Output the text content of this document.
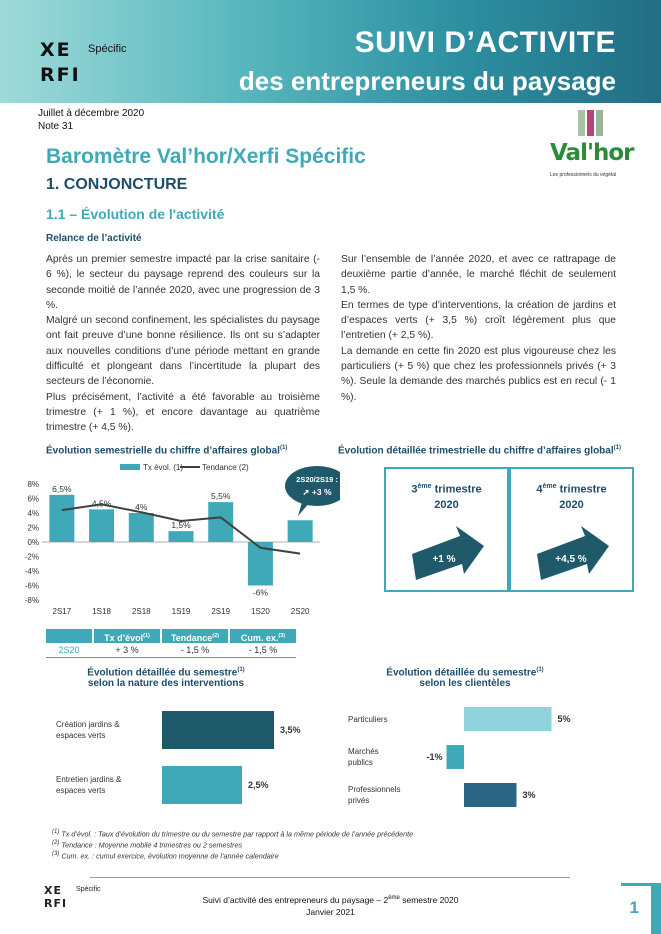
XE
RFI
Spécific	SUIVI D’ACTIVITE
des entrepreneurs du paysage
Juillet à décembre 2020
Note 31
Val'hor
Les professionnels du végétal
Baromètre Val’hor/Xerfi Spécific
1. CONJONCTURE
1.1 – Évolution de l'activité
Relance de l’activité

Après un premier semestre impacté par la crise sanitaire (- 6 %), le secteur du paysage reprend des couleurs sur la seconde moitié de l’année 2020, avec une progression de 3 %.

Malgré un second confinement, les spécialistes du paysage ont fait preuve d’une bonne résilience. Ils ont su s’adapter aux nouvelles conditions d’une période mettant en grande difficulté et plongeant dans l’incertitude la plupart des secteurs de l’économie.

Plus précisément, l’activité a été favorable au troisième trimestre (+ 1 %), et encore davantage au quatrième trimestre (+ 4,5 %).

Sur l’ensemble de l’année 2020, et avec ce rattrapage de deuxième partie d’année, le marché fléchit de seulement 1,5 %.

En termes de type d’interventions, la création de jardins et d’espaces verts (+ 3,5 %) croît légèrement plus que l’entretien (+ 2,5 %).

La demande en cette fin 2020 est plus vigoureuse chez les particuliers (+ 5 %) que chez les professionnels privés (+ 3 %). Seule la demande des marchés publics est en recul (- 1 %).

Évolution semestrielle du chiffre d’affaires global$^{(1)}$
Tx évol. (1) Tendance (2)
8%
6%
4%
2%
0%
-2%
-4%
-6%
-8%
6,5%
2S17
4,5%
1S18
4%
2S18
1,5%
1S19
5,5%
2S19
-6%
1S20	2S20
2S20/2S19 :
➚ +3 %
Tx d’évol$^{(1)}$	Tendance$^{(2)}$	Cum. ex.$^{(3)}$
2S20	+ 3 %	- 1,5 %	- 1,5 %
Évolution détaillée trimestrielle du chiffre d’affaires global$^{(1)}$
3ème trimestre
2020
+1 %
4ème trimestre
2020
+4,5 %
Évolution détaillée du semestre$^{(1)}$
selon la nature des interventions
Création jardins &
espaces verts
3,5%
Entretien jardins &
espaces verts
2,5%
Évolution détaillée du semestre$^{(1)}$
selon les clientèles
Particuliers	5%
Marchés
publics
-1%
Professionnels
privés
3%
$^{(1)}$ Tx d’évol. : Taux d’évolution du trimestre ou du semestre par rapport à la même période de l’année précédente
$^{(2)}$ Tendance : Moyenne mobile 4 trimestres ou 2 semestres
$^{(3)}$ Cum. ex. : cumul exercice, évolution moyenne de l’année calendaire
XE
RFI
Spécific
Suivi d’activité des entrepreneurs du paysage – 2ème semestre 2020
Janvier 2021	1
